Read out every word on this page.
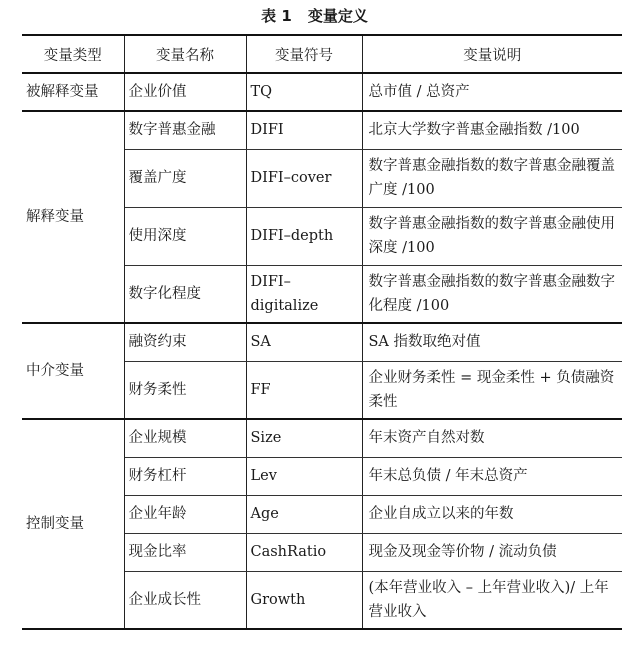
表 1 变量定义
变量类型	变量名称	变量符号	变量说明
被解释变量	企业价值	TQ	总市值 / 总资产
解释变量	数字普惠金融	DIFI	北京大学数字普惠金融指数 /100
	覆盖广度	DIFI–cover	数字普惠金融指数的数字普惠金融覆盖广度 /100
	使用深度	DIFI–depth	数字普惠金融指数的数字普惠金融使用深度 /100
	数字化程度	DIFI–digitalize	数字普惠金融指数的数字普惠金融数字化程度 /100
中介变量	融资约束	SA	SA 指数取绝对值
	财务柔性	FF	企业财务柔性 = 现金柔性 + 负债融资柔性
控制变量	企业规模	Size	年末资产自然对数
	财务杠杆	Lev	年末总负债 / 年末总资产
	企业年龄	Age	企业自成立以来的年数
	现金比率	CashRatio	现金及现金等价物 / 流动负债
	企业成长性	Growth	(本年营业收入 – 上年营业收入)/ 上年营业收入
